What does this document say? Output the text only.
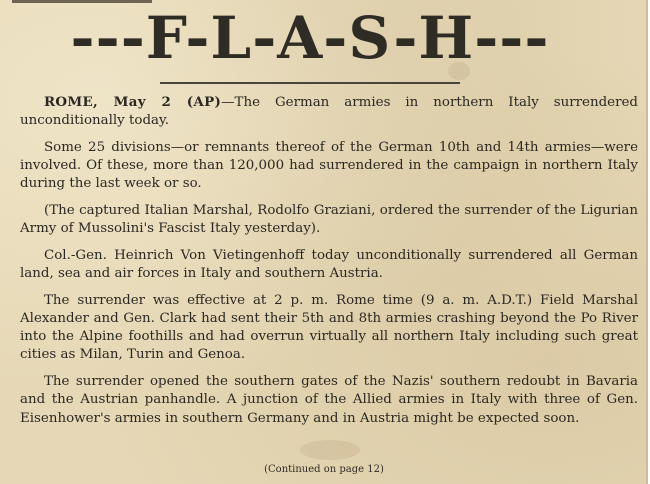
---F-L-A-S-H---

ROME, May 2 (AP)—The German armies in northern Italy surrendered unconditionally today.

Some 25 divisions—or remnants thereof of the German 10th and 14th armies—were involved. Of these, more than 120,000 had surrendered in the campaign in northern Italy during the last week or so.

(The captured Italian Marshal, Rodolfo Graziani, ordered the surrender of the Ligurian Army of Mussolini's Fascist Italy yesterday).

Col.-Gen. Heinrich Von Vietingenhoff today unconditionally surrendered all German land, sea and air forces in Italy and southern Austria.

The surrender was effective at 2 p. m. Rome time (9 a. m. A.D.T.) Field Marshal Alexander and Gen. Clark had sent their 5th and 8th armies crashing beyond the Po River into the Alpine foothills and had overrun virtually all northern Italy including such great cities as Milan, Turin and Genoa.

The surrender opened the southern gates of the Nazis' southern redoubt in Bavaria and the Austrian panhandle. A junction of the Allied armies in Italy with three of Gen. Eisenhower's armies in southern Germany and in Austria might be expected soon.

(Continued on page 12)
